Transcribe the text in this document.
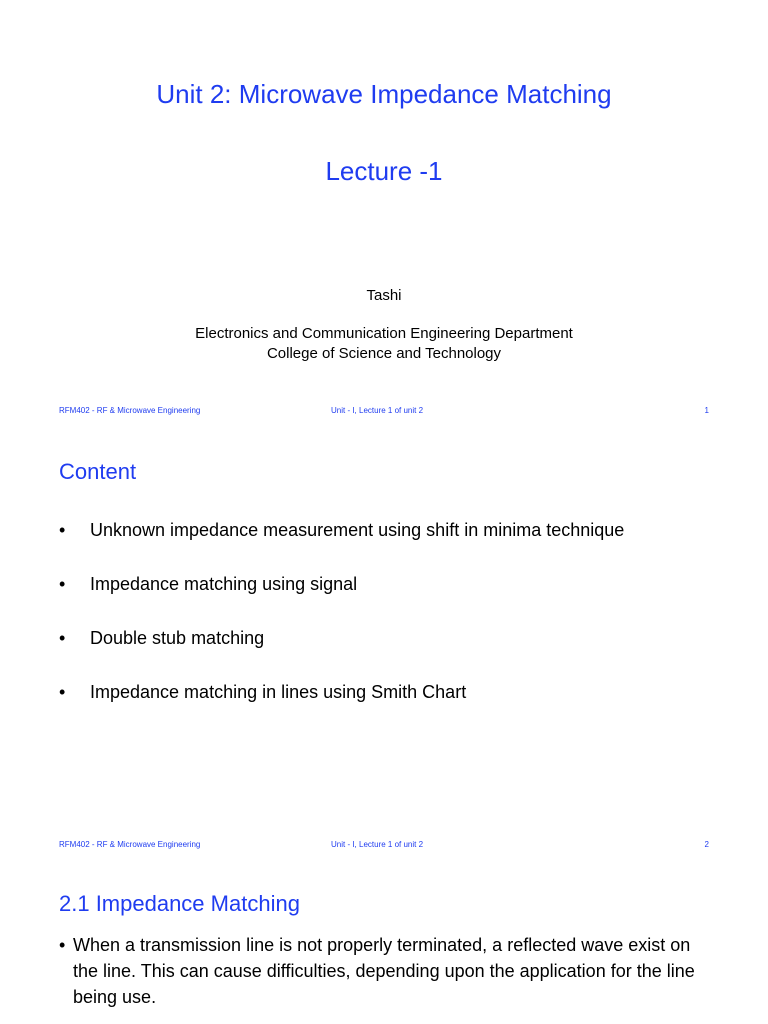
Unit 2: Microwave Impedance Matching
Lecture -1

Tashi

Electronics and Communication Engineering Department

College of Science and Technology

RFM402 - RF & Microwave Engineering	Unit - I, Lecture 1 of unit 2	1
Content
• Unknown impedance measurement using shift in minima technique
• Impedance matching using signal
• Double stub matching
• Impedance matching in lines using Smith Chart
RFM402 - RF & Microwave Engineering	Unit - I, Lecture 1 of unit 2	2
2.1 Impedance Matching
• When a transmission line is not properly terminated, a reflected wave exist on the line. This can cause difficulties, depending upon the application for the line being use.
